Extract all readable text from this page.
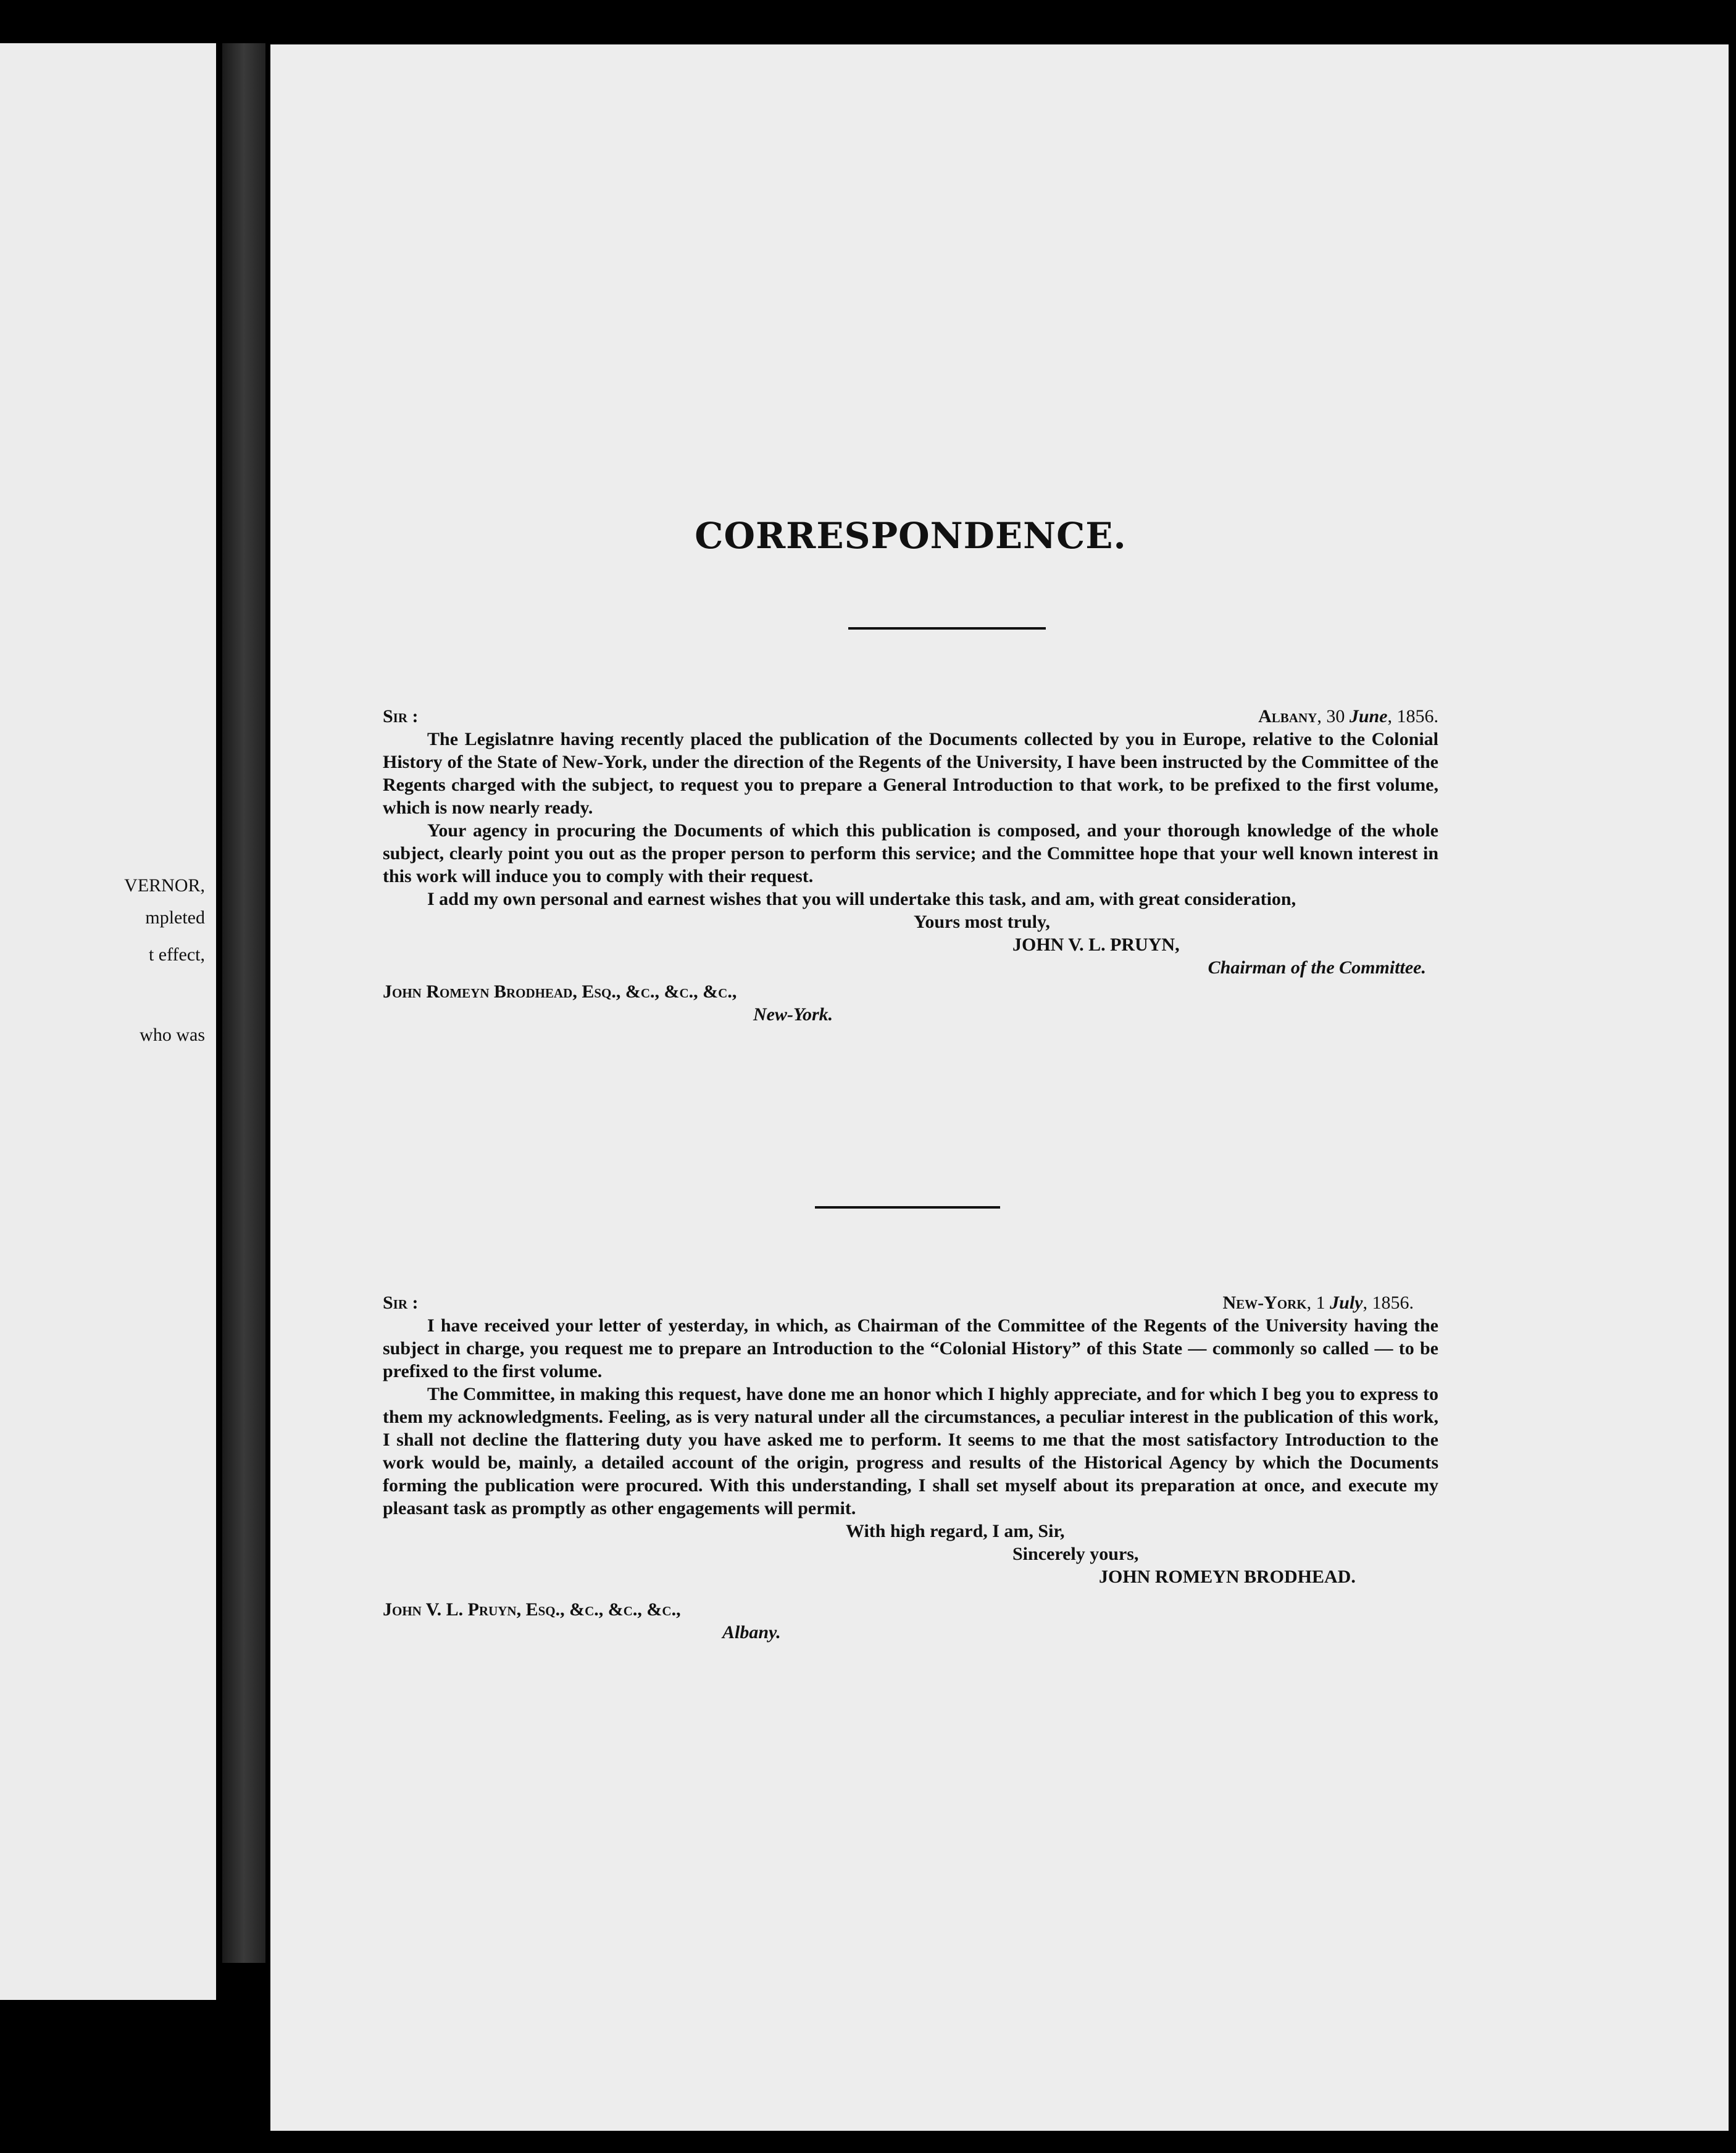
VERNOR,
mpleted
t effect,
who was
CORRESPONDENCE.
Sir :	Albany, 30 June, 1856.

The Legislatnre having recently placed the publication of the Documents collected by you in Europe, relative to the Colonial History of the State of New-York, under the direction of the Regents of the University, I have been instructed by the Committee of the Regents charged with the subject, to request you to prepare a General Introduction to that work, to be prefixed to the first volume, which is now nearly ready.

Your agency in procuring the Documents of which this publication is composed, and your thorough knowledge of the whole subject, clearly point you out as the proper person to perform this service; and the Committee hope that your well known interest in this work will induce you to comply with their request.

I add my own personal and earnest wishes that you will undertake this task, and am, with great consideration,

Yours most truly,
JOHN V. L. PRUYN,
Chairman of the Committee.
John Romeyn Brodhead, Esq., &c., &c., &c.,
New-York.
Sir :	New-York, 1 July, 1856.

I have received your letter of yesterday, in which, as Chairman of the Committee of the Regents of the University having the subject in charge, you request me to prepare an Introduction to the “Colonial History” of this State — commonly so called — to be prefixed to the first volume.

The Committee, in making this request, have done me an honor which I highly appreciate, and for which I beg you to express to them my acknowledgments. Feeling, as is very natural under all the circumstances, a peculiar interest in the publication of this work, I shall not decline the flattering duty you have asked me to perform. It seems to me that the most satisfactory Introduction to the work would be, mainly, a detailed account of the origin, progress and results of the Historical Agency by which the Documents forming the publication were procured. With this understanding, I shall set myself about its preparation at once, and execute my pleasant task as promptly as other engagements will permit.

With high regard, I am, Sir,
Sincerely yours,
JOHN ROMEYN BRODHEAD.
John V. L. Pruyn, Esq., &c., &c., &c.,
Albany.
